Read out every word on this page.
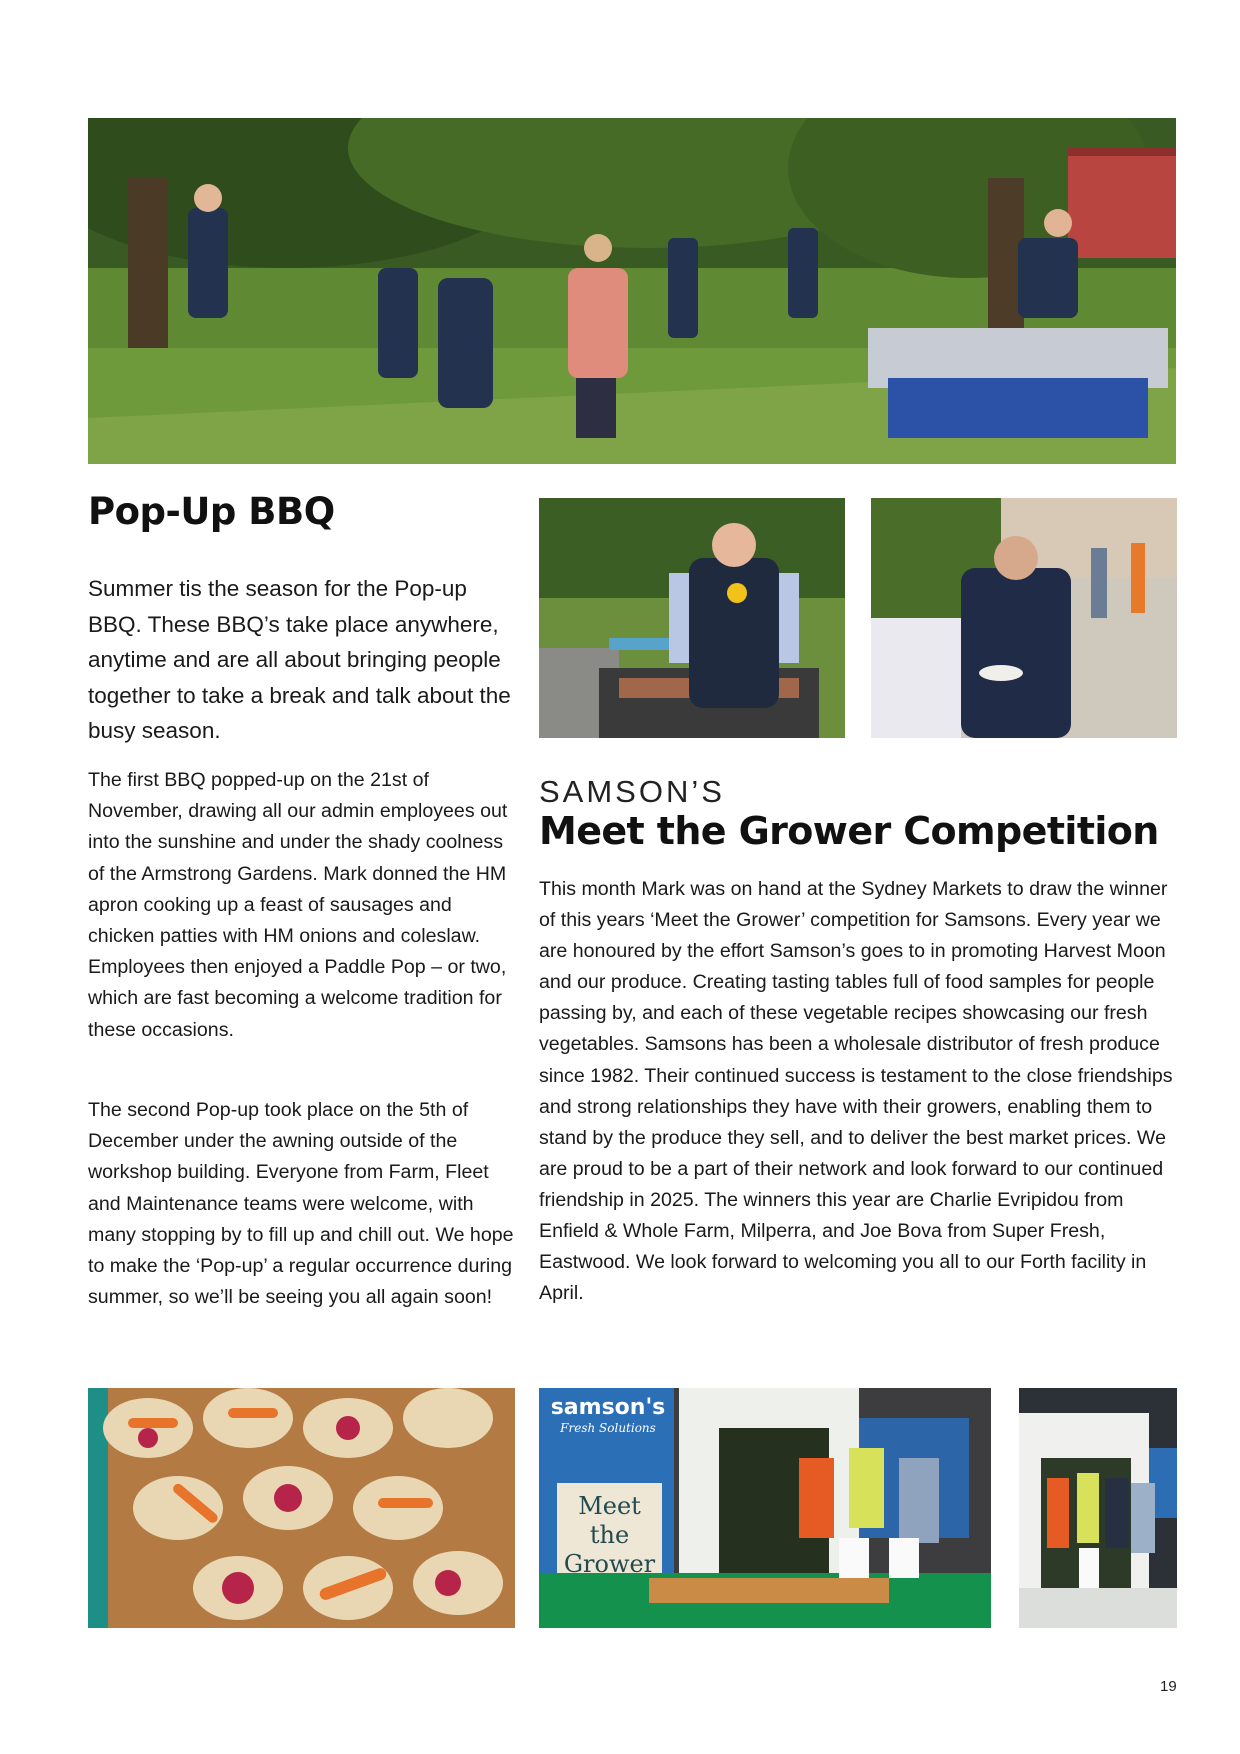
samson's
Fresh Solutions
Meet
the
Grower
Pop-Up BBQ

Summer tis the season for the Pop-up BBQ. These BBQ’s take place anywhere, anytime and are all about bringing people together to take a break and talk about the busy season.

The first BBQ popped-up on the 21st of November, drawing all our admin employees out into the sunshine and under the shady coolness of the Armstrong Gardens. Mark donned the HM apron cooking up a feast of sausages and chicken patties with HM onions and coleslaw. Employees then enjoyed a Paddle Pop – or two, which are fast becoming a welcome tradition for these occasions.

The second Pop-up took place on the 5th of December under the awning outside of the workshop building. Everyone from Farm, Fleet and Maintenance teams were welcome, with many stopping by to fill up and chill out. We hope to make the ‘Pop-up’ a regular occurrence during summer, so we’ll be seeing you all again soon!

SAMSON’S
Meet the Grower Competition

This month Mark was on hand at the Sydney Markets to draw the winner of this years ‘Meet the Grower’ competition for Samsons. Every year we are honoured by the effort Samson’s goes to in promoting Harvest Moon and our produce. Creating tasting tables full of food samples for people passing by, and each of these vegetable recipes showcasing our fresh vegetables. Samsons has been a wholesale distributor of fresh produce since 1982. Their continued success is testament to the close friendships and strong relationships they have with their growers, enabling them to stand by the produce they sell, and to deliver the best market prices. We are proud to be a part of their network and look forward to our continued friendship in 2025. The winners this year are Charlie Evripidou from Enfield & Whole Farm, Milperra, and Joe Bova from Super Fresh, Eastwood. We look forward to welcoming you all to our Forth facility in April.

19
